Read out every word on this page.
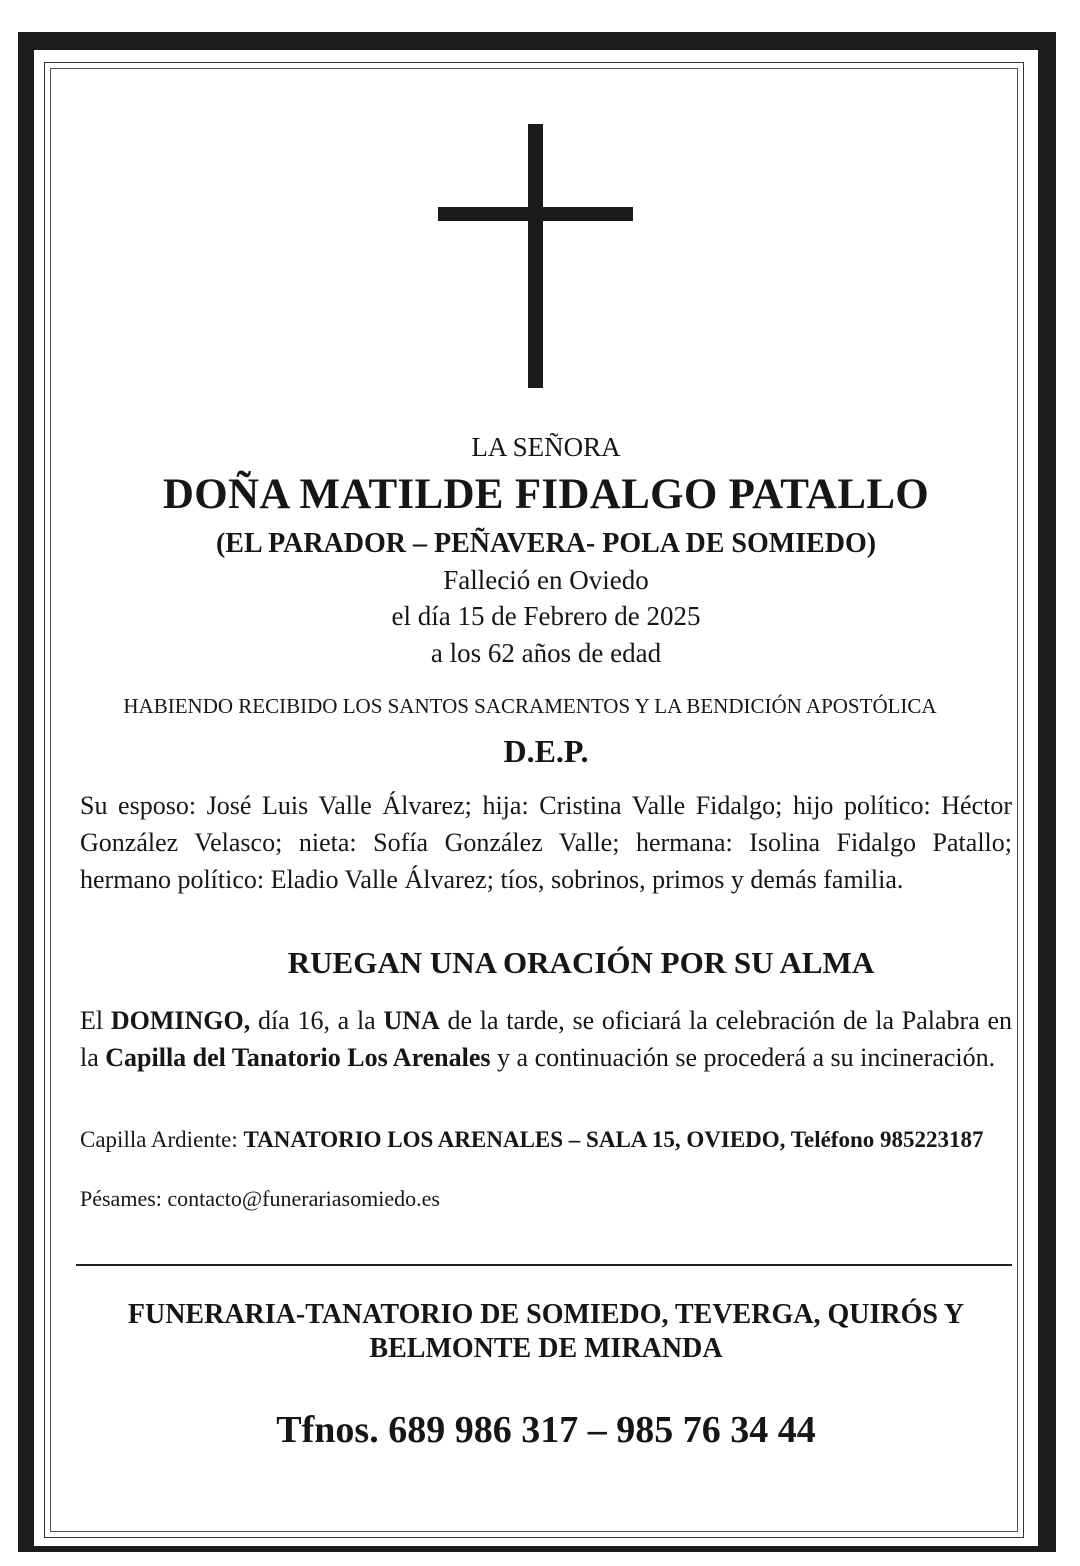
LA SEÑORA
DOÑA MATILDE FIDALGO PATALLO
(EL PARADOR – PEÑAVERA- POLA DE SOMIEDO)
Falleció en Oviedo
el día 15 de Febrero de 2025
a los 62 años de edad
HABIENDO RECIBIDO LOS SANTOS SACRAMENTOS Y LA BENDICIÓN APOSTÓLICA
D.E.P.
Su esposo: José Luis Valle Álvarez; hija: Cristina Valle Fidalgo; hijo político: Héctor González Velasco; nieta: Sofía González Valle; hermana: Isolina Fidalgo Patallo; hermano político: Eladio Valle Álvarez; tíos, sobrinos, primos y demás familia.
RUEGAN UNA ORACIÓN POR SU ALMA
El DOMINGO, día 16, a la UNA de la tarde, se oficiará la celebración de la Palabra en la Capilla del Tanatorio Los Arenales y a continuación se procederá a su incineración.
Capilla Ardiente: TANATORIO LOS ARENALES – SALA 15, OVIEDO, Teléfono 985223187
Pésames: contacto@funerariasomiedo.es
FUNERARIA-TANATORIO DE SOMIEDO, TEVERGA, QUIRÓS Y BELMONTE DE MIRANDA
Tfnos. 689 986 317 – 985 76 34 44
